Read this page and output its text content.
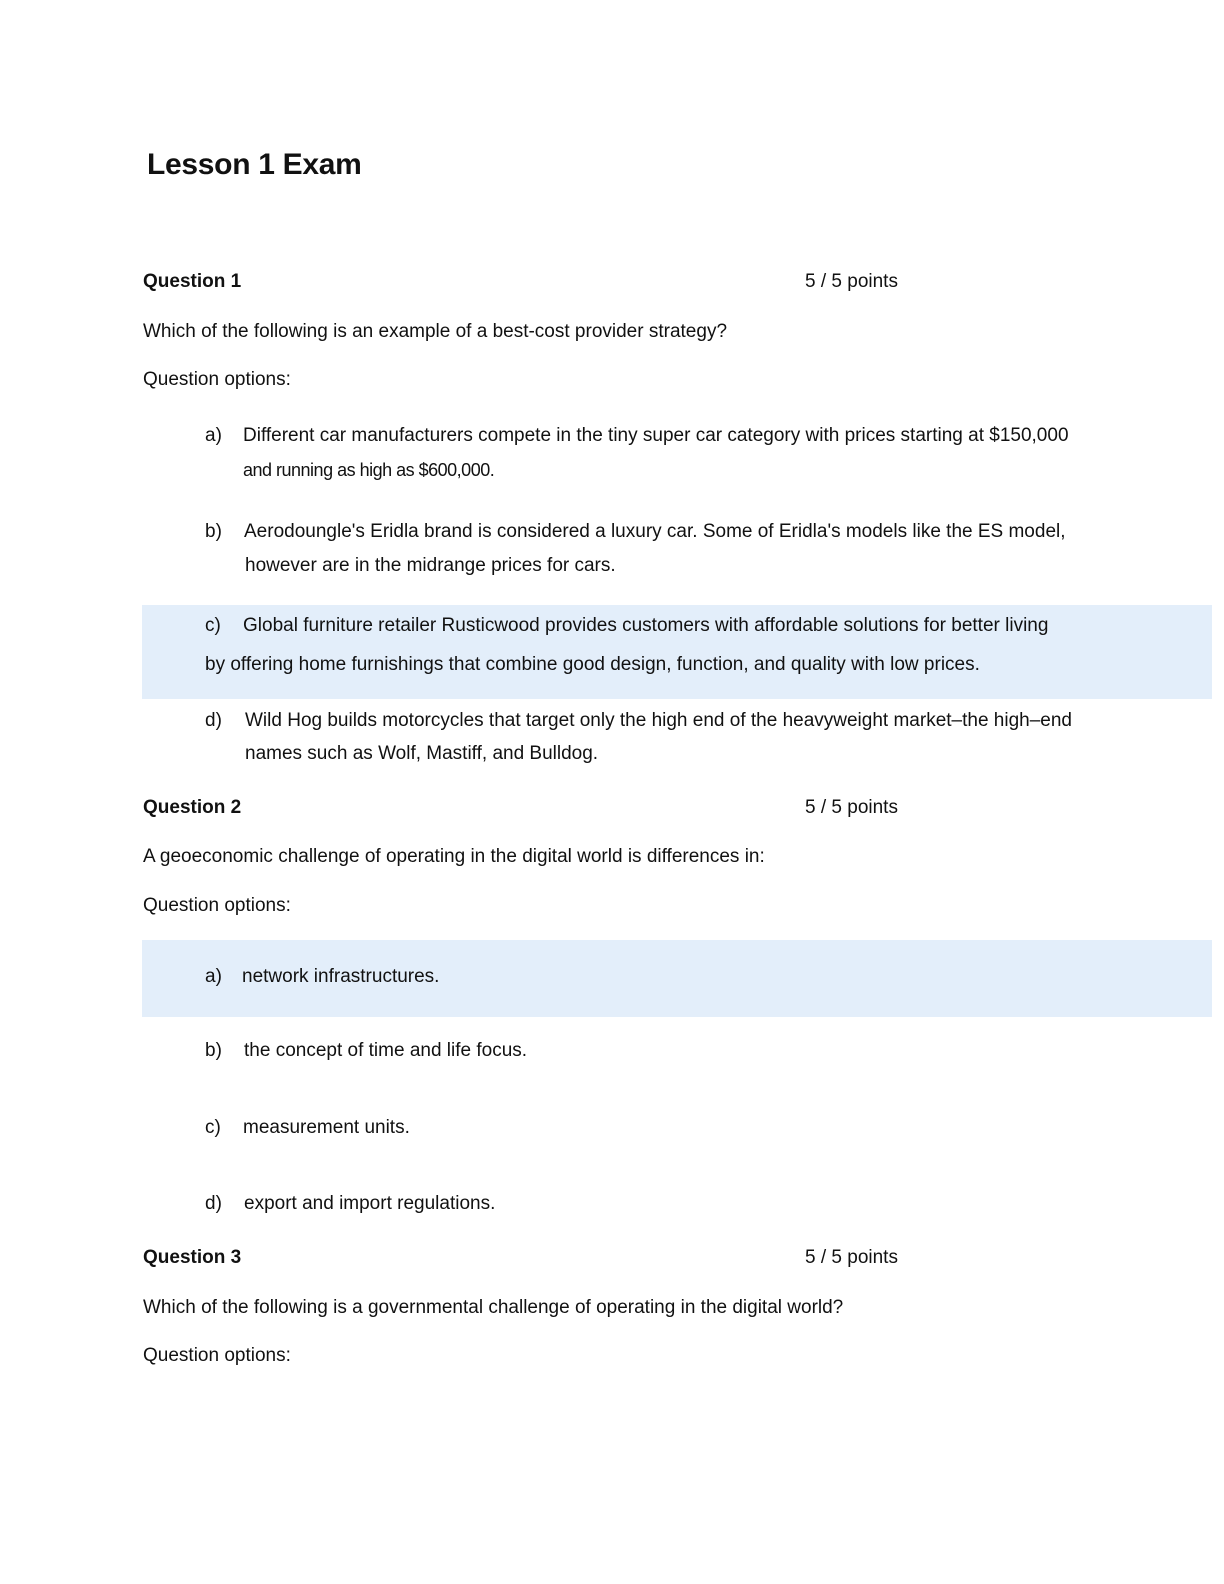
Lesson 1 Exam
Question 1	5 / 5 points
Which of the following is an example of a best-cost provider strategy?
Question options:
a) Different car manufacturers compete in the tiny super car category with prices starting at $150,000
and running as high as $600,000.
b) Aerodoungle's Eridla brand is considered a luxury car. Some of Eridla's models like the ES model,
however are in the midrange prices for cars.
c) Global furniture retailer Rusticwood provides customers with affordable solutions for better living
by offering home furnishings that combine good design, function, and quality with low prices.
d) Wild Hog builds motorcycles that target only the high end of the heavyweight market–the high–end
names such as Wolf, Mastiff, and Bulldog.
Question 2	5 / 5 points
A geoeconomic challenge of operating in the digital world is differences in:
Question options:
a) network infrastructures.
b) the concept of time and life focus.
c) measurement units.
d) export and import regulations.
Question 3	5 / 5 points
Which of the following is a governmental challenge of operating in the digital world?
Question options:
